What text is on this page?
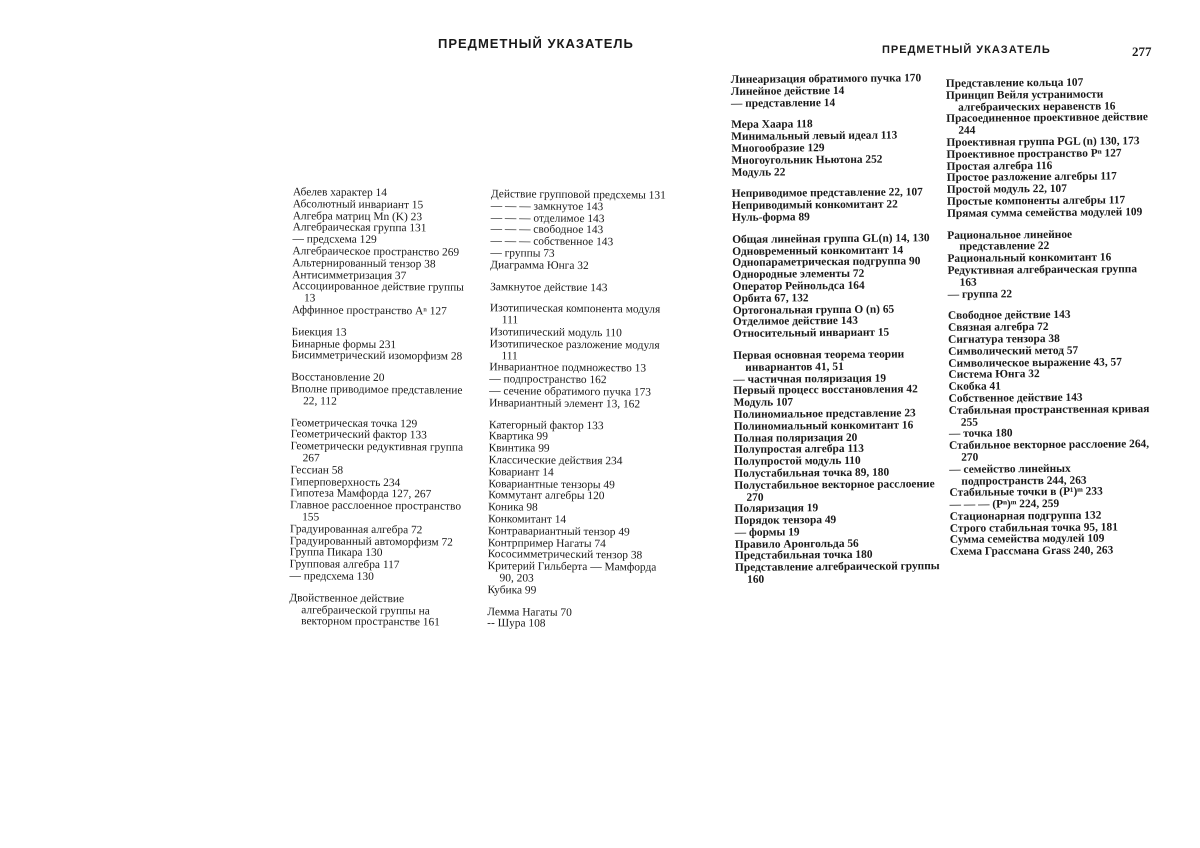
ПРЕДМЕТНЫЙ УКАЗАТЕЛЬ
Абелев характер 14
Абсолютный инвариант 15
Алгебра матриц Mn (K) 23
Алгебраическая группа 131
— предсхема 129
Алгебраическое пространство 269
Альтернированный тензор 38
Антисимметризация 37
Ассоциированное действие группы 13
Аффинное пространство Aⁿ 127
Биекция 13
Бинарные формы 231
Бисимметрический изоморфизм 28
Восстановление 20
Вполне приводимое представление 22, 112
Геометрическая точка 129
Геометрический фактор 133
Геометрически редуктивная группа 267
Гессиан 58
Гиперповерхность 234
Гипотеза Мамфорда 127, 267
Главное расслоенное пространство 155
Градуированная алгебра 72
Градуированный автоморфизм 72
Группа Пикара 130
Групповая алгебра 117
— предсхема 130
Двойственное действие алгебраической группы на векторном пространстве 161
Действие групповой предсхемы 131
— — — замкнутое 143
— — — отделимое 143
— — — свободное 143
— — — собственное 143
— группы 73
Диаграмма Юнга 32
Замкнутое действие 143
Изотипическая компонента модуля 111
Изотипический модуль 110
Изотипическое разложение модуля 111
Инвариантное подмножество 13
— подпространство 162
— сечение обратимого пучка 173
Инвариантный элемент 13, 162
Категорный фактор 133
Квартика 99
Квинтика 99
Классические действия 234
Ковариант 14
Ковариантные тензоры 49
Коммутант алгебры 120
Коника 98
Конкомитант 14
Контравариантный тензор 49
Контрпример Нагаты 74
Кососимметрический тензор 38
Критерий Гильберта — Мамфорда 90, 203
Кубика 99
Лемма Нагаты 70
-- Шура 108
ПРЕДМЕТНЫЙ УКАЗАТЕЛЬ	277
Линеаризация обратимого пучка 170
Линейное действие 14
— представление 14
Мера Хаара 118
Минимальный левый идеал 113
Многообразие 129
Многоугольник Ньютона 252
Модуль 22
Неприводимое представление 22, 107
Неприводимый конкомитант 22
Нуль-форма 89
Общая линейная группа GL(n) 14, 130
Одновременный конкомитант 14
Однопараметрическая подгруппа 90
Однородные элементы 72
Оператор Рейнольдса 164
Орбита 67, 132
Ортогональная группа O (n) 65
Отделимое действие 143
Относительный инвариант 15
Первая основная теорема теории инвариантов 41, 51
— частичная поляризация 19
Первый процесс восстановления 42
Модуль 107
Полиномиальное представление 23
Полиномиальный конкомитант 16
Полная поляризация 20
Полупростая алгебра 113
Полупростой модуль 110
Полустабильная точка 89, 180
Полустабильное векторное расслоение 270
Поляризация 19
Порядок тензора 49
— формы 19
Правило Аронгольда 56
Предстабильная точка 180
Представление алгебраической группы 160
Представление кольца 107
Принцип Вейля устранимости алгебраических неравенств 16
Прасоединенное проективное действие 244
Проективная группа PGL (n) 130, 173
Проективное пространство Pⁿ 127
Простая алгебра 116
Простое разложение алгебры 117
Простой модуль 22, 107
Простые компоненты алгебры 117
Прямая сумма семейства модулей 109
Рациональное линейное представление 22
Рациональный конкомитант 16
Редуктивная алгебраическая группа 163
— группа 22
Свободное действие 143
Связная алгебра 72
Сигнатура тензора 38
Символический метод 57
Символическое выражение 43, 57
Система Юнга 32
Скобка 41
Собственное действие 143
Стабильная пространственная кривая 255
— точка 180
Стабильное векторное расслоение 264, 270
— семейство линейных подпространств 244, 263
Стабильные точки в (P¹)ᵐ 233
— — — (Pⁿ)ᵐ 224, 259
Стационарная подгруппа 132
Строго стабильная точка 95, 181
Сумма семейства модулей 109
Схема Грассмана Grass 240, 263
